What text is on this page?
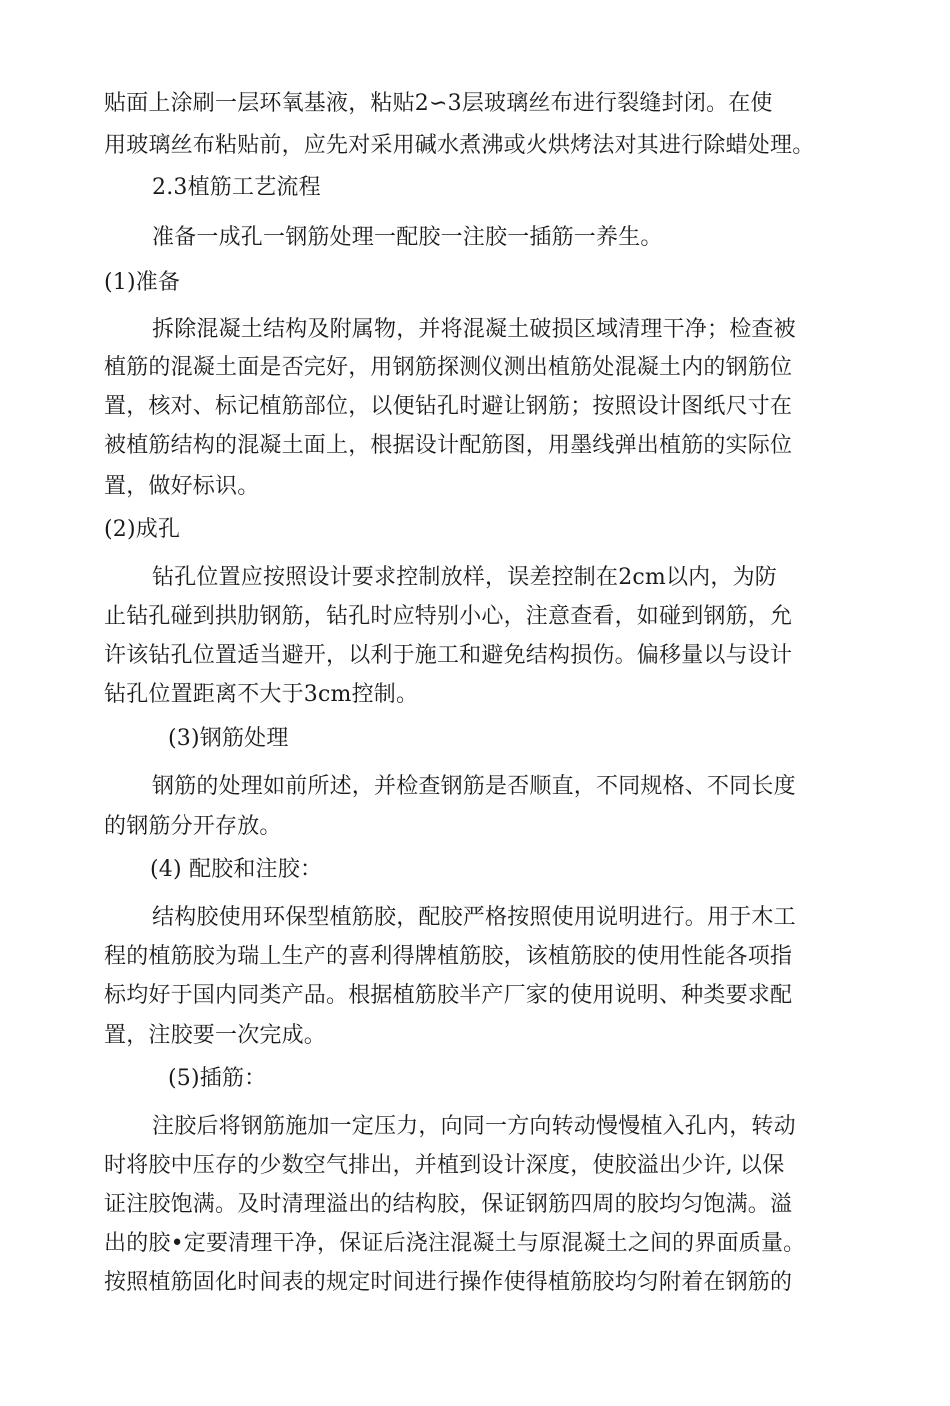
贴面上涂刷一层环氧基液，粘贴2∽3层玻璃丝布进行裂缝封闭。在使
用玻璃丝布粘贴前，应先对采用碱水煮沸或火烘烤法对其进行除蜡处理。
2.3植筋工艺流程
准备一成孔一钢筋处理一配胶一注胶一插筋一养生。
(1)准备
拆除混凝土结构及附属物，并将混凝土破损区域清理干净；检查被
植筋的混凝土面是否完好，用钢筋探测仪测出植筋处混凝土内的钢筋位
置，核对、标记植筋部位，以便钻孔时避让钢筋；按照设计图纸尺寸在
被植筋结构的混凝土面上，根据设计配筋图，用墨线弹出植筋的实际位
置，做好标识。
(2)成孔
钻孔位置应按照设计要求控制放样，误差控制在2cm以内，为防
止钻孔碰到拱肋钢筋，钻孔时应特别小心，注意查看，如碰到钢筋，允
许该钻孔位置适当避开，以利于施工和避免结构损伤。偏移量以与设计
钻孔位置距离不大于3cm控制。
(3)钢筋处理
钢筋的处理如前所述，并检查钢筋是否顺直，不同规格、不同长度
的钢筋分开存放。
(4) 配胶和注胶：
结构胶使用环保型植筋胶，配胶严格按照使用说明进行。用于木工
程的植筋胶为瑞丄生产的喜利得牌植筋胶，该植筋胶的使用性能各项指
标均好于国内同类产品。根据植筋胶半产厂家的使用说明、种类要求配
置，注胶要一次完成。
(5)插筋：
注胶后将钢筋施加一定压力，向同一方向转动慢慢植入孔内，转动
时将胶中压存的少数空气排出，并植到设计深度，使胶溢出少许, 以保
证注胶饱满。及时清理溢出的结构胶，保证钢筋四周的胶均匀饱满。溢
出的胶•定要清理干净，保证后浇注混凝土与原混凝土之间的界面质量。
按照植筋固化时间表的规定时间进行操作使得植筋胶均匀附着在钢筋的
